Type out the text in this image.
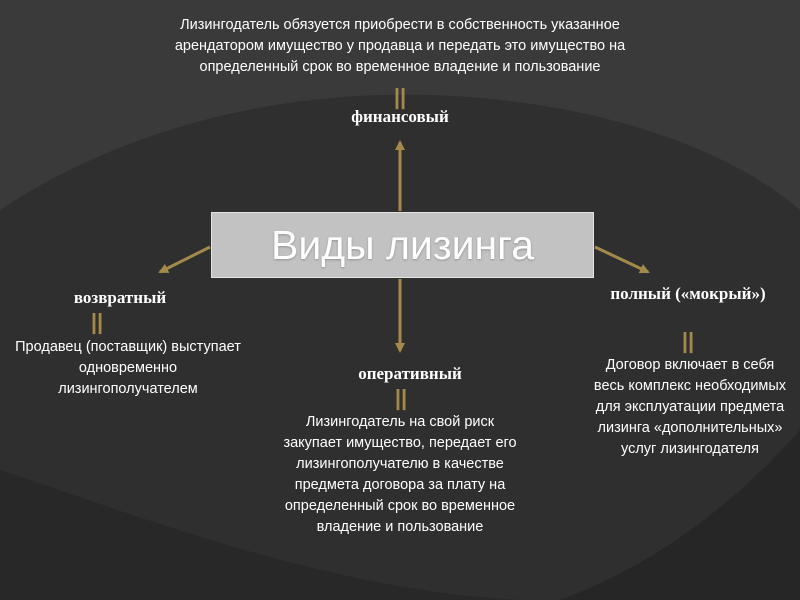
Лизингодатель обязуется приобрести в собственность указанное арендатором имущество у продавца и передать это имущество на определенный срок во временное владение и пользование
||
финансовый
Виды лизинга
возвратный
||
Продавец (поставщик) выступает одновременно лизингополучателем
оперативный
||
Лизингодатель на свой риск закупает имущество, передает его лизингополучателю в качестве предмета договора за плату на определенный срок во временное владение и пользование
полный («мокрый»)
||
Договор включает в себя весь комплекс необходимых для эксплуатации предмета лизинга «дополнительных» услуг лизингодателя
